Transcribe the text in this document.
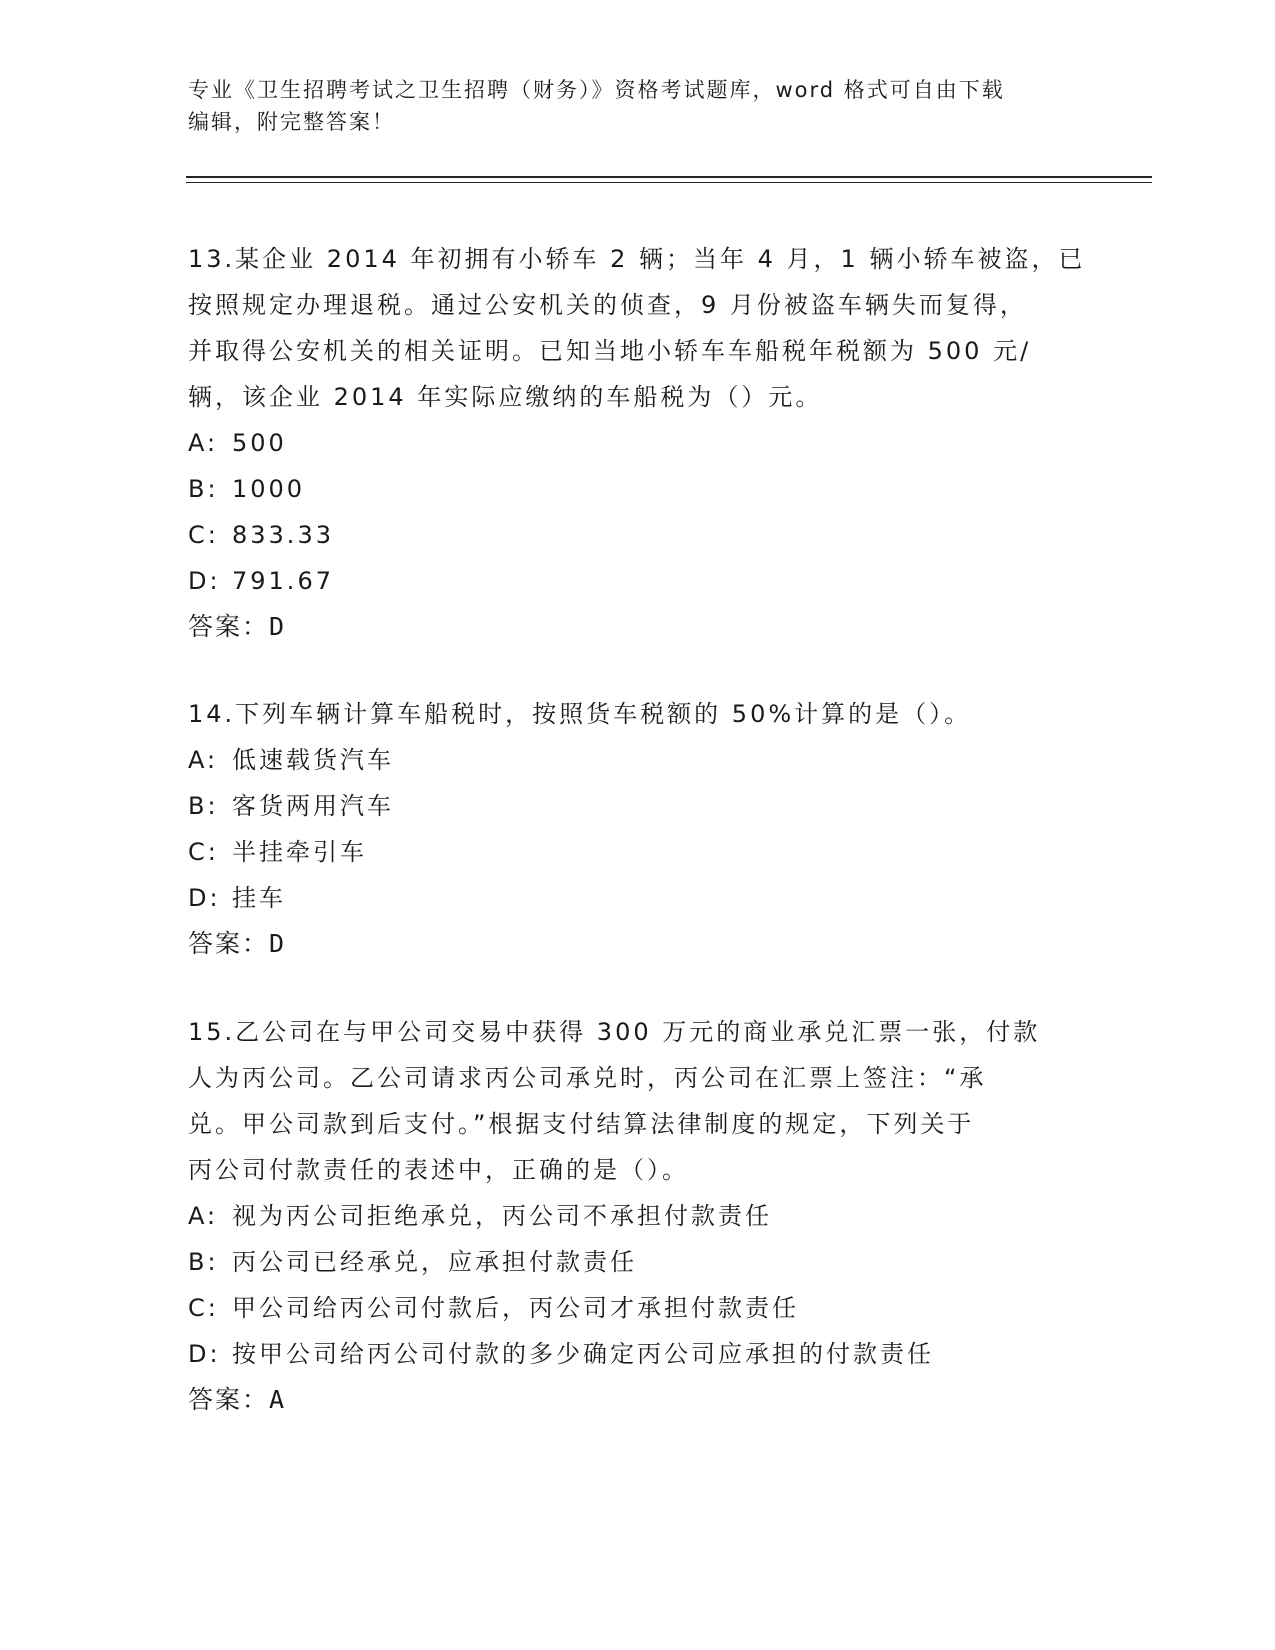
专业《卫生招聘考试之卫生招聘（财务）》资格考试题库，word 格式可自由下载
编辑，附完整答案！
13.某企业 2014 年初拥有小轿车 2 辆；当年 4 月，1 辆小轿车被盗，已
按照规定办理退税。通过公安机关的侦查，9 月份被盗车辆失而复得，
并取得公安机关的相关证明。已知当地小轿车车船税年税额为 500 元/
辆，该企业 2014 年实际应缴纳的车船税为（）元。
A: 500
B: 1000
C: 833.33
D: 791.67
答案：D
14.下列车辆计算车船税时，按照货车税额的 50%计算的是（）。
A: 低速载货汽车
B: 客货两用汽车
C: 半挂牵引车
D: 挂车
答案：D
15.乙公司在与甲公司交易中获得 300 万元的商业承兑汇票一张，付款
人为丙公司。乙公司请求丙公司承兑时，丙公司在汇票上签注：“承
兑。甲公司款到后支付。”根据支付结算法律制度的规定，下列关于
丙公司付款责任的表述中，正确的是（）。
A: 视为丙公司拒绝承兑，丙公司不承担付款责任
B: 丙公司已经承兑，应承担付款责任
C: 甲公司给丙公司付款后，丙公司才承担付款责任
D: 按甲公司给丙公司付款的多少确定丙公司应承担的付款责任
答案：A
